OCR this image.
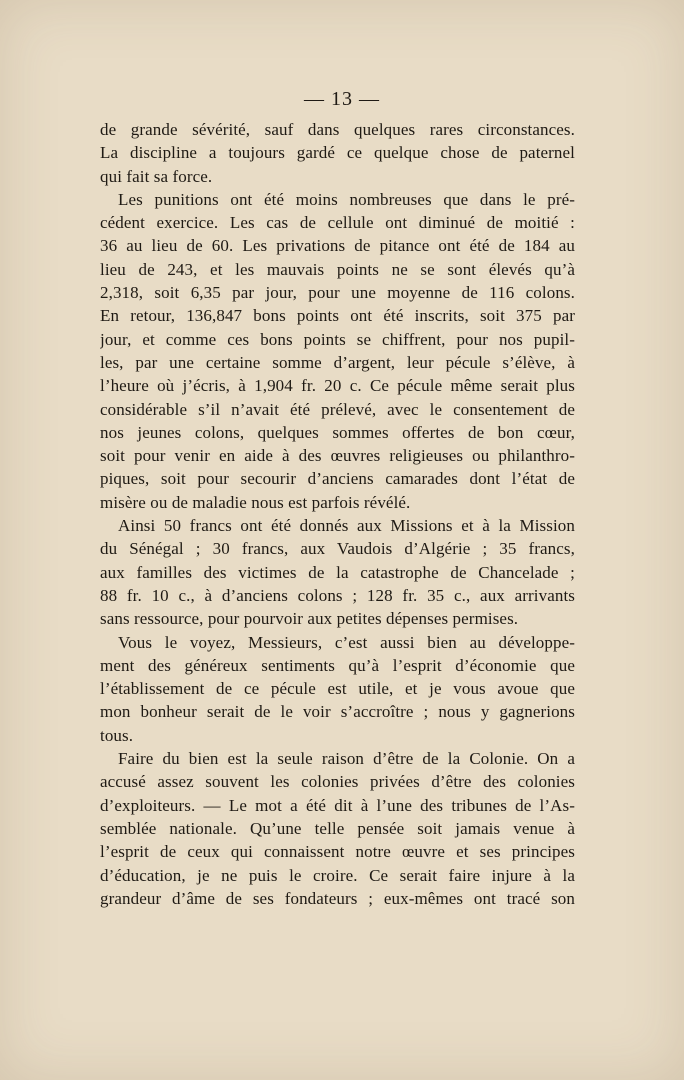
— 13 —

de grande sévérité, sauf dans quelques rares circonstances.
La discipline a toujours gardé ce quelque chose de paternel
qui fait sa force.

Les punitions ont été moins nombreuses que dans le pré-
cédent exercice. Les cas de cellule ont diminué de moitié :
36 au lieu de 60. Les privations de pitance ont été de 184 au
lieu de 243, et les mauvais points ne se sont élevés qu’à
2,318, soit 6,35 par jour, pour une moyenne de 116 colons.
En retour, 136,847 bons points ont été inscrits, soit 375 par
jour, et comme ces bons points se chiffrent, pour nos pupil-
les, par une certaine somme d’argent, leur pécule s’élève, à
l’heure où j’écris, à 1,904 fr. 20 c. Ce pécule même serait plus
considérable s’il n’avait été prélevé, avec le consentement de
nos jeunes colons, quelques sommes offertes de bon cœur,
soit pour venir en aide à des œuvres religieuses ou philanthro-
piques, soit pour secourir d’anciens camarades dont l’état de
misère ou de maladie nous est parfois révélé.

Ainsi 50 francs ont été donnés aux Missions et à la Mission
du Sénégal ; 30 francs, aux Vaudois d’Algérie ; 35 francs,
aux familles des victimes de la catastrophe de Chancelade ;
88 fr. 10 c., à d’anciens colons ; 128 fr. 35 c., aux arrivants
sans ressource, pour pourvoir aux petites dépenses permises.

Vous le voyez, Messieurs, c’est aussi bien au développe-
ment des généreux sentiments qu’à l’esprit d’économie que
l’établissement de ce pécule est utile, et je vous avoue que
mon bonheur serait de le voir s’accroître ; nous y gagnerions
tous.

Faire du bien est la seule raison d’être de la Colonie. On a
accusé assez souvent les colonies privées d’être des colonies
d’exploiteurs. — Le mot a été dit à l’une des tribunes de l’As-
semblée nationale. Qu’une telle pensée soit jamais venue à
l’esprit de ceux qui connaissent notre œuvre et ses principes
d’éducation, je ne puis le croire. Ce serait faire injure à la
grandeur d’âme de ses fondateurs ; eux-mêmes ont tracé son
